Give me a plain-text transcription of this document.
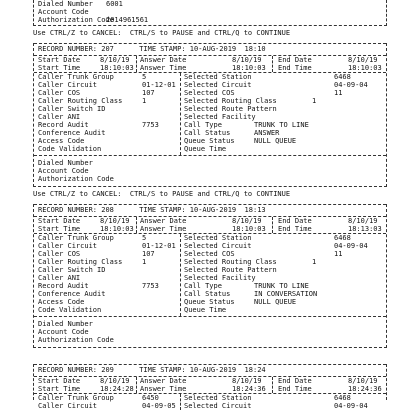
Dialed Number 6001
Account Code
Authorization Code
2014961561
Use CTRL/Z to CANCEL:  CTRL/S to PAUSE and CTRL/Q to CONTINUE
RECORD NUMBER: 207	TIME STAMP: 10-AUG-2019  18:10
Start Date	8/10/19 Answer Date	8/10/19 End Date	8/10/19
Start Time	18:10:03 Answer Time	18:10:03 End Time	18:10:03
Caller Trunk Group	5	Selected Station	6468
Caller Circuit	01-12-01 Selected Circuit	04-09-04
Caller COS	107	Selected COS	11
Caller Routing Class	1	Selected Routing Class	1
Caller Switch ID	Selected Route Pattern
Caller ANI	Selected Facility
Record Audit	7753	Call Type	TRUNK TO LINE
Conference Audit	Call Status	ANSWER
Access Code	Queue Status	NULL QUEUE
Code Validation	Queue Time
Dialed Number
Account Code
Authorization Code
Use CTRL/Z to CANCEL:  CTRL/S to PAUSE and CTRL/Q to CONTINUE
RECORD NUMBER: 208	TIME STAMP: 10-AUG-2019  18:13
Start Date	8/10/19 Answer Date	8/10/19 End Date	8/10/19
Start Time	18:10:03 Answer Time	18:10:03 End Time	18:13:03
Caller Trunk Group	5	Selected Station	6468
Caller Circuit	01-12-01 Selected Circuit	04-09-04
Caller COS	107	Selected COS	11
Caller Routing Class	1	Selected Routing Class	1
Caller Switch ID	Selected Route Pattern
Caller ANI	Selected Facility
Record Audit	7753	Call Type	TRUNK TO LINE
Conference Audit	Call Status	IN CONVERSATION
Access Code	Queue Status	NULL QUEUE
Code Validation	Queue Time
Dialed Number
Account Code
Authorization Code
RECORD NUMBER: 209	TIME STAMP: 10-AUG-2019  18:24
Start Date	8/10/19 Answer Date	8/10/19 End Date	8/10/19
Start Time	18:24:28 Answer Time	18:24:36 End Time	18:24:36
Caller Trunk Group	6450	Selected Station	6468
Caller Circuit	04-09-05 Selected Circuit	04-09-04
